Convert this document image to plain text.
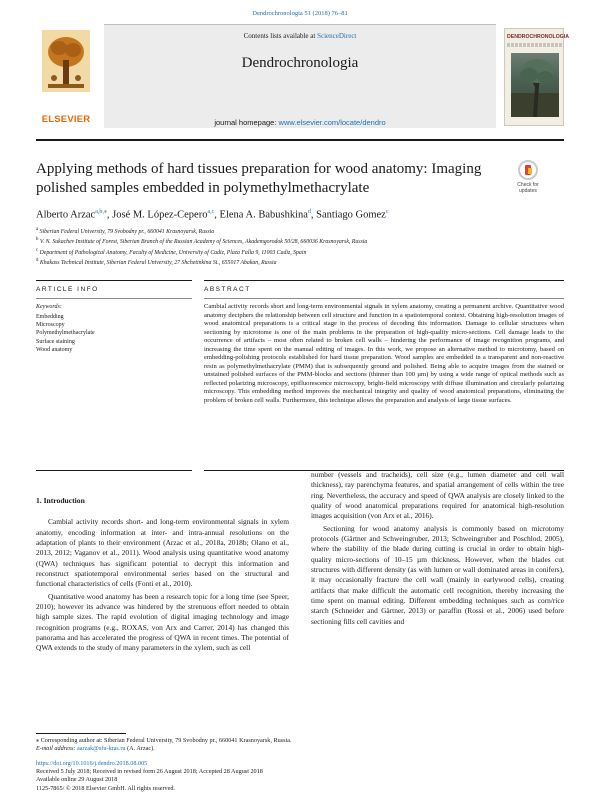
Dendrochronologia 51 (2018) 76–81
ELSEVIER
Contents lists available at ScienceDirect
Dendrochronologia
journal homepage: www.elsevier.com/locate/dendro
DENDROCHRONOLOGIA
Applying methods of hard tissues preparation for wood anatomy: Imaging polished samples embedded in polymethylmethacrylate	Check for updates
Alberto Arzac$^{a,b,⁎}$, José M. López-Cepero$^{a,c}$, Elena A. Babushkina$^d$, Santiago Gomez$^c$
$^a$ Siberian Federal University, 79 Svobodny pr., 660041 Krasnoyarsk, Russia
$^b$ V. N. Sukachev Institute of Forest, Siberian Branch of the Russian Academy of Sciences, Akademgorodok 50/28, 660036 Krasnoyarsk, Russia
$^c$ Department of Pathological Anatomy, Faculty of Medicine, University of Cadiz, Plaza Falla 9, 11003 Cadiz, Spain
$^d$ Khakass Technical Institute, Siberian Federal University, 27 Shchetinkina St., 655017 Abakan, Russia
ARTICLE INFO	ABSTRACT
Keywords:
Embedding
Microscopy
Polymethylmethacrylate
Surface staining
Wood anatomy
Cambial activity records short and long-term environmental signals in xylem anatomy, creating a permanent archive. Quantitative wood anatomy deciphers the relationship between cell structure and function in a spatiotemporal context. Obtaining high-resolution images of wood anatomical preparations is a critical stage in the process of decoding this information. Damage to cellular structures when sectioning by microtome is one of the main problems in the preparation of high-quality micro-sections. Cell damage leads to the occurrence of artifacts – most often related to broken cell walls – hindering the performance of image recognition programs, and increasing the time spent on the manual editing of images. In this work, we propose an alternative method to microtomy, based on embedding-polishing protocols established for hard tissue preparation. Wood samples are embedded in a transparent and non-reactive resin as polymethylmethacrylate (PMM) that is subsequently ground and polished. Being able to acquire images from the stained or unstained polished surfaces of the PMM-blocks and sections (thinner than 100 µm) by using a wide range of optical methods such as reflected polarizing microscopy, epifluorescence microscopy, bright-field microscopy with diffuse illumination and circularly polarizing microscopy. This embedding method improves the mechanical integrity and quality of wood anatomical preparations, eliminating the problem of broken cell walls. Furthermore, this technique allows the preparation and analysis of large tissue surfaces.
1. Introduction

Cambial activity records short- and long-term environmental signals in xylem anatomy, encoding information at inter- and intra-annual resolutions on the adaptation of plants to their environment (Arzac et al., 2018a, 2018b; Olano et al., 2013, 2012; Vaganov et al., 2011). Wood analysis using quantitative wood anatomy (QWA) techniques has significant potential to decrypt this information and reconstruct spatiotemporal environmental series based on the structural and functional characteristics of cells (Fonti et al., 2010).

Quantitative wood anatomy has been a research topic for a long time (see Speer, 2010); however its advance was hindered by the strenuous effort needed to obtain high sample sizes. The rapid evolution of digital imaging technology and image recognition programs (e.g., ROXAS, von Arx and Carrer, 2014) has changed this panorama and has accelerated the progress of QWA in recent times. The potential of QWA extends to the study of many parameters in the xylem, such as cell

number (vessels and tracheids), cell size (e.g., lumen diameter and cell wall thickness), ray parenchyma features, and spatial arrangement of cells within the tree ring. Nevertheless, the accuracy and speed of QWA analysis are closely linked to the quality of wood anatomical preparations required for anatomical high-resolution images acquisition (von Arx et al., 2016).

Sectioning for wood anatomy analysis is commonly based on microtomy protocols (Gärtner and Schweingruber, 2013; Schweingruber and Poschlod, 2005), where the stability of the blade during cutting is crucial in order to obtain high-quality micro-sections of 10–15 µm thickness. However, when the blades cut structures with different density (as with lumen or wall dominated areas in conifers), it may occasionally fracture the cell wall (mainly in earlywood cells), creating artifacts that make difficult the automatic cell recognition, thereby increasing the time spent on manual editing. Different embedding techniques such as corn/rice starch (Schneider and Gärtner, 2013) or paraffin (Rossi et al., 2006) used before sectioning fills cell cavities and

⁎ Corresponding author at: Siberian Federal University, 79 Svobodny pr., 660041 Krasnoyarsk, Russia.
E-mail address: aarzak@sfu-kras.ru (A. Arzac).
https://doi.org/10.1016/j.dendro.2018.08.005
Received 5 July 2018; Received in revised form 26 August 2018; Accepted 28 August 2018
Available online 29 August 2018
1125-7865/ © 2018 Elsevier GmbH. All rights reserved.
